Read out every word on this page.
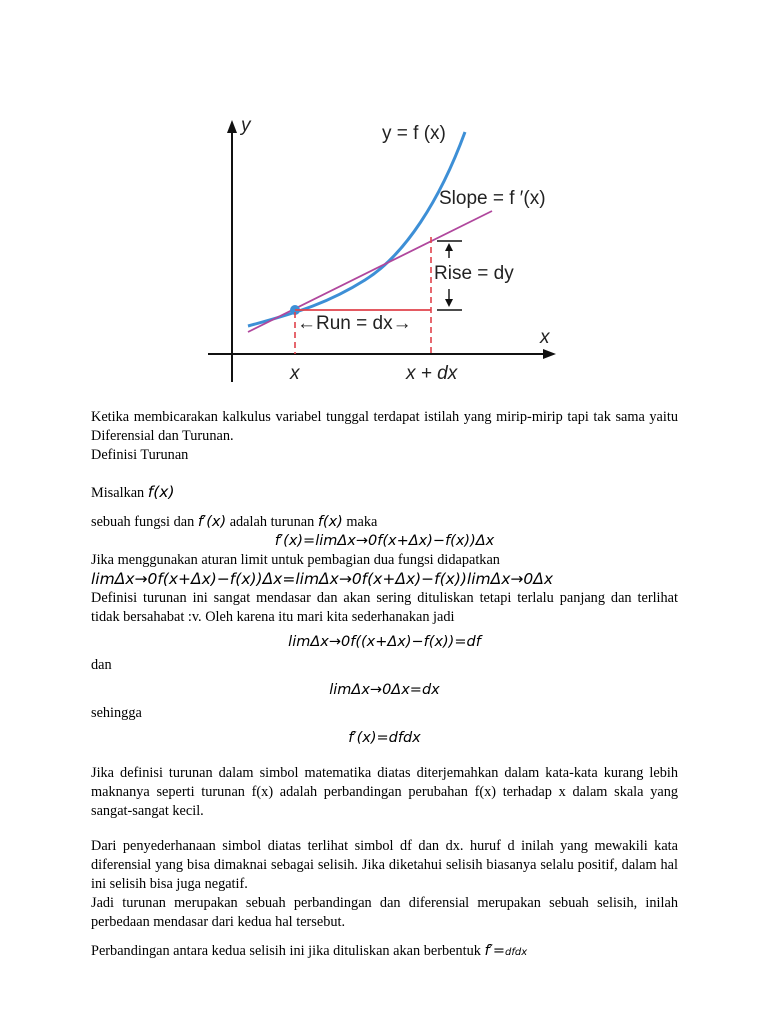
y	y = f (x)
Slope = f ′(x)
Rise = dy
←Run = dx→
x
x	x + dx

Ketika membicarakan kalkulus variabel tunggal terdapat istilah yang mirip-mirip tapi tak sama yaitu Diferensial dan Turunan.

Definisi Turunan

Misalkan f(x)

sebuah fungsi dan f′(x) adalah turunan f(x) maka

f′(x)=limΔx→0f(x+Δx)−f(x))Δx

Jika menggunakan aturan limit untuk pembagian dua fungsi didapatkan

limΔx→0f(x+Δx)−f(x))Δx=limΔx→0f(x+Δx)−f(x))limΔx→0Δx

Definisi turunan ini sangat mendasar dan akan sering dituliskan tetapi terlalu panjang dan terlihat tidak bersahabat :v. Oleh karena itu mari kita sederhanakan jadi

limΔx→0f((x+Δx)−f(x))=df

dan

limΔx→0Δx=dx

sehingga

f′(x)=dfdx

Jika definisi turunan dalam simbol matematika diatas diterjemahkan dalam kata-kata kurang lebih maknanya seperti turunan f(x) adalah perbandingan perubahan f(x) terhadap x dalam skala yang sangat-sangat kecil.

Dari penyederhanaan simbol diatas terlihat simbol df dan dx. huruf d inilah yang mewakili kata diferensial yang bisa dimaknai sebagai selisih. Jika diketahui selisih biasanya selalu positif, dalam hal ini selisih bisa juga negatif.

Jadi turunan merupakan sebuah perbandingan dan diferensial merupakan sebuah selisih, inilah perbedaan mendasar dari kedua hal tersebut.

Perbandingan antara kedua selisih ini jika dituliskan akan berbentuk f′=dfdx
